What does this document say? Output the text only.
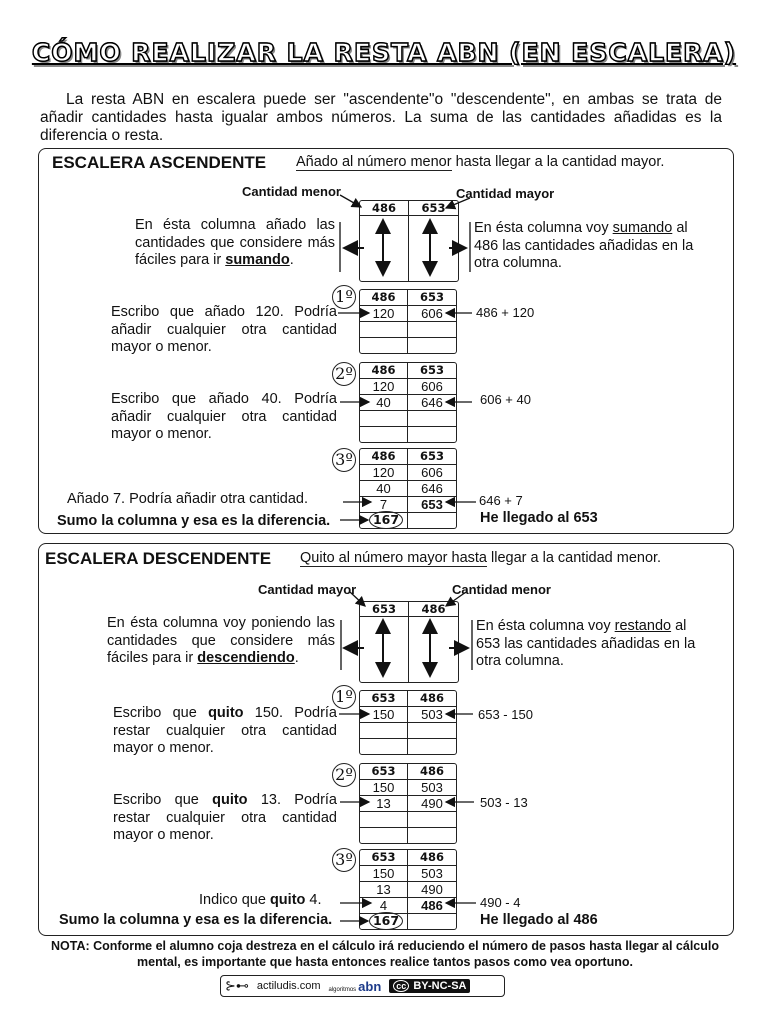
CÓMO REALIZAR LA RESTA ABN (EN ESCALERA)
La resta ABN en escalera puede ser "ascendente"o "descendente", en ambas se trata de añadir cantidades hasta igualar ambos números. La suma de las cantidades añadidas es la diferencia o resta.
ESCALERA ASCENDENTE Añado al número menor hasta llegar a la cantidad mayor.
Cantidad menor	Cantidad mayor
486	653
En ésta columna añado las cantidades que considere más fáciles para ir sumando.
En ésta columna voy sumando al 486 las cantidades añadidas en la otra columna.
1º	486	653
120	606
Escribo que añado 120. Podría añadir cualquier otra cantidad mayor o menor.
486 + 120
2º	486	653
120	606
40	646
Escribo que añado 40. Podría añadir cualquier otra cantidad mayor o menor.
606 + 40
3º	486	653
120	606
40	646
7	653
167
Añado 7. Podría añadir otra cantidad.	646 + 7
Sumo la columna y esa es la diferencia.	He llegado al 653
ESCALERA DESCENDENTE Quito al número mayor hasta llegar a la cantidad menor.
Cantidad mayor	Cantidad menor
653	486
En ésta columna voy poniendo las cantidades que considere más fáciles para ir descendiendo.
En ésta columna voy restando al 653 las cantidades añadidas en la otra columna.
1º	653	486
150	503
Escribo que quito 150. Podría restar cualquier otra cantidad mayor o menor.
653 - 150
2º	653	486
150	503
13	490
Escribo que quito 13. Podría restar cualquier otra cantidad mayor o menor.
503 - 13
3º	653	486
150	503
13	490
4	486
167
Indico que quito 4.	490 - 4
Sumo la columna y esa es la diferencia.	He llegado al 486
NOTA: Conforme el alumno coja destreza en el cálculo irá reduciendo el número de pasos hasta llegar al cálculo mental, es importante que hasta entonces realice tantos pasos como vea oportuno.
⊱⊷ actiludis.com algoritmos abn	cc BY-NC-SA
